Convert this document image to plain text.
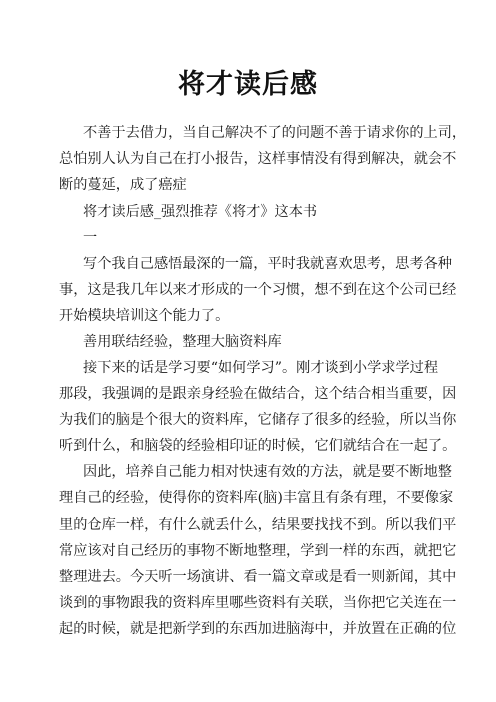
将才读后感
不善于去借力，当自己解决不了的问题不善于请求你的上司，
总怕别人认为自己在打小报告，这样事情没有得到解决，就会不
断的蔓延，成了癌症
将才读后感_强烈推荐《将才》这本书
一
写个我自己感悟最深的一篇，平时我就喜欢思考，思考各种
事，这是我几年以来才形成的一个习惯，想不到在这个公司已经
开始模块培训这个能力了。
善用联结经验，整理大脑资料库
接下来的话是学习要“如何学习”。刚才谈到小学求学过程
那段，我强调的是跟亲身经验在做结合，这个结合相当重要，因
为我们的脑是个很大的资料库，它储存了很多的经验，所以当你
听到什么，和脑袋的经验相印证的时候，它们就结合在一起了。
因此，培养自己能力相对快速有效的方法，就是要不断地整
理自己的经验，使得你的资料库(脑)丰富且有条有理，不要像家
里的仓库一样，有什么就丢什么，结果要找找不到。所以我们平
常应该对自己经历的事物不断地整理，学到一样的东西，就把它
整理进去。今天听一场演讲、看一篇文章或是看一则新闻，其中
谈到的事物跟我的资料库里哪些资料有关联，当你把它关连在一
起的时候，就是把新学到的东西加进脑海中，并放置在正确的位
